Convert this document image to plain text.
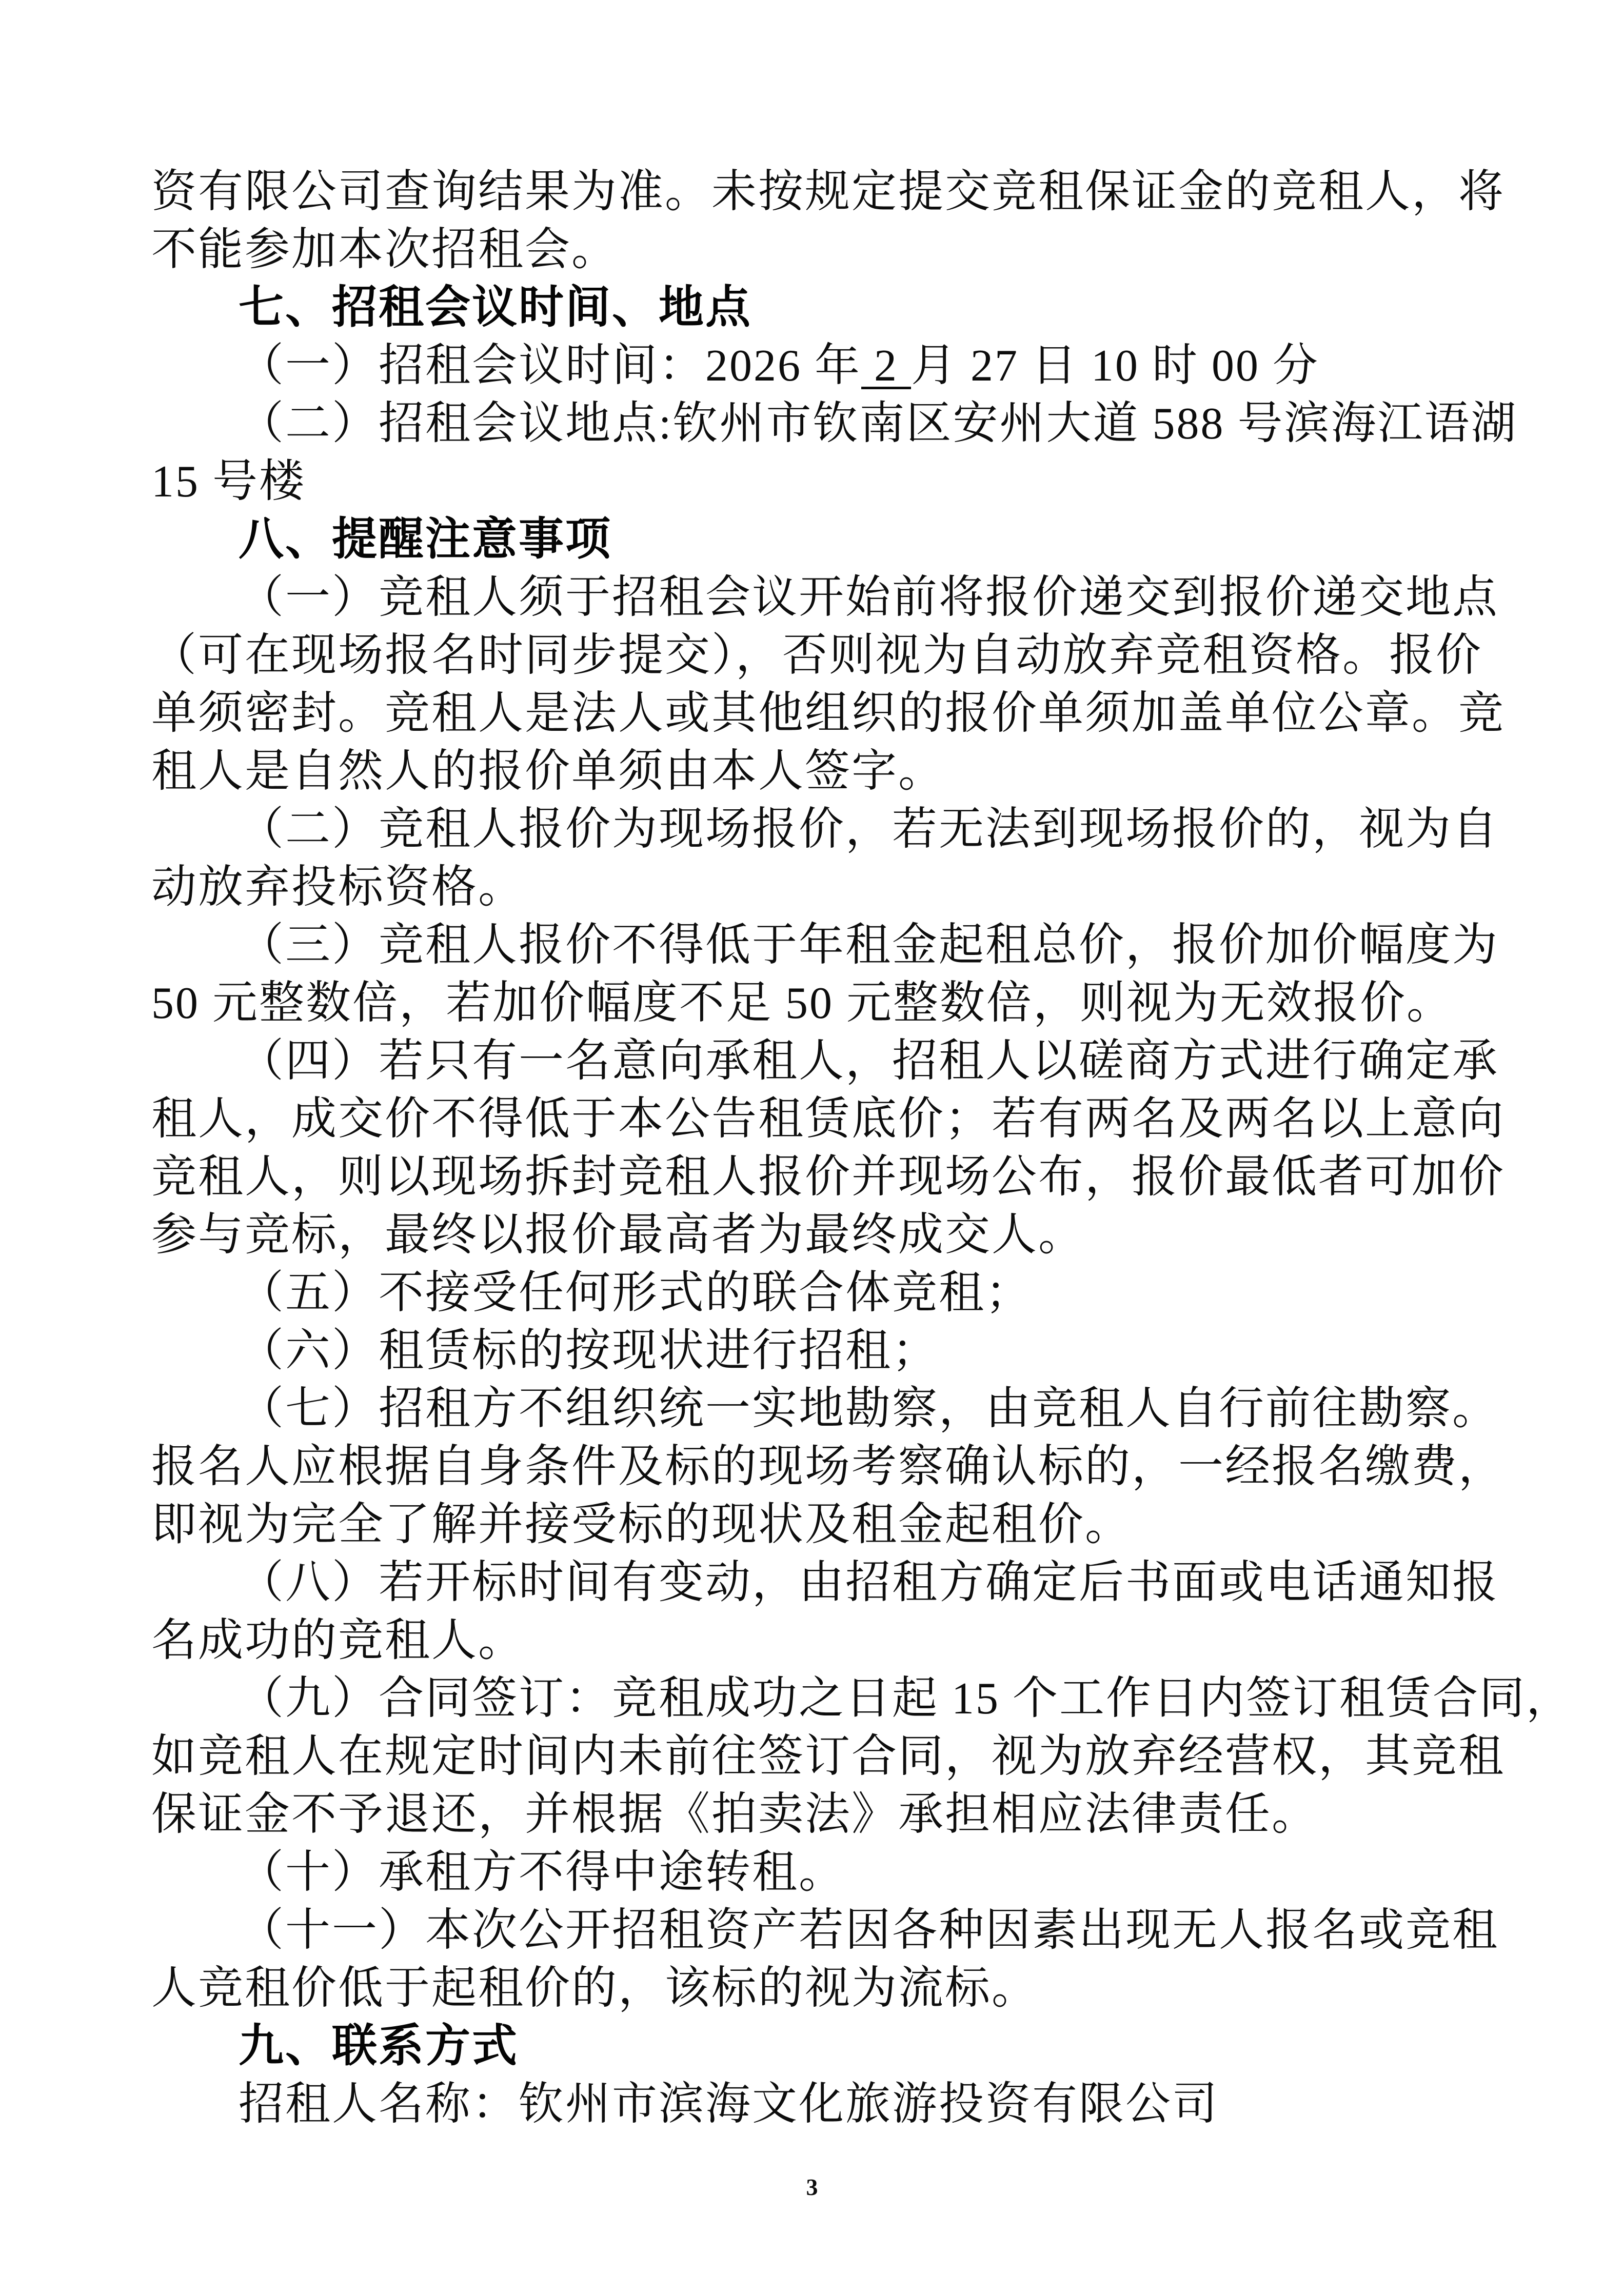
资有限公司查询结果为准。未按规定提交竞租保证金的竞租人，将
不能参加本次招租会。
七、招租会议时间、地点
（一）招租会议时间：2026 年 2 月 27 日 10 时 00 分
（二）招租会议地点:钦州市钦南区安州大道 588 号滨海江语湖
15 号楼
八、提醒注意事项
（一）竞租人须于招租会议开始前将报价递交到报价递交地点
（可在现场报名时同步提交），否则视为自动放弃竞租资格。报价
单须密封。竞租人是法人或其他组织的报价单须加盖单位公章。竞
租人是自然人的报价单须由本人签字。
（二）竞租人报价为现场报价，若无法到现场报价的，视为自
动放弃投标资格。
（三）竞租人报价不得低于年租金起租总价，报价加价幅度为
50 元整数倍，若加价幅度不足 50 元整数倍，则视为无效报价。
（四）若只有一名意向承租人，招租人以磋商方式进行确定承
租人，成交价不得低于本公告租赁底价；若有两名及两名以上意向
竞租人，则以现场拆封竞租人报价并现场公布，报价最低者可加价
参与竞标，最终以报价最高者为最终成交人。
（五）不接受任何形式的联合体竞租；
（六）租赁标的按现状进行招租；
（七）招租方不组织统一实地勘察，由竞租人自行前往勘察。
报名人应根据自身条件及标的现场考察确认标的，一经报名缴费，
即视为完全了解并接受标的现状及租金起租价。
（八）若开标时间有变动，由招租方确定后书面或电话通知报
名成功的竞租人。
（九）合同签订：竞租成功之日起 15 个工作日内签订租赁合同，
如竞租人在规定时间内未前往签订合同，视为放弃经营权，其竞租
保证金不予退还，并根据《拍卖法》承担相应法律责任。
（十）承租方不得中途转租。
（十一）本次公开招租资产若因各种因素出现无人报名或竞租
人竞租价低于起租价的，该标的视为流标。
九、联系方式
招租人名称：钦州市滨海文化旅游投资有限公司
3
